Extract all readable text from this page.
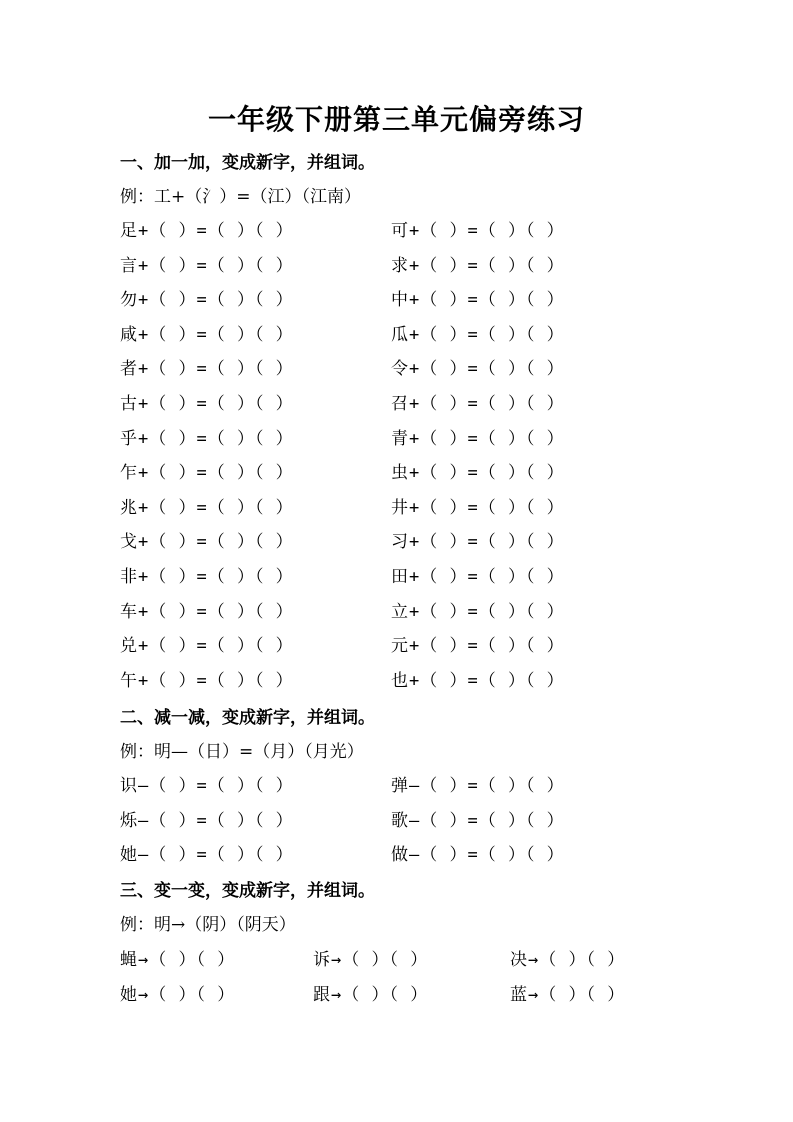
一年级下册第三单元偏旁练习
一、加一加，变成新字，并组词。
例：工+（氵）=（江）（江南）
足+（ ）=（ ）（ ）	可+（ ）=（ ）（ ）
言+（ ）=（ ）（ ）	求+（ ）=（ ）（ ）
勿+（ ）=（ ）（ ）	中+（ ）=（ ）（ ）
咸+（ ）=（ ）（ ）	瓜+（ ）=（ ）（ ）
者+（ ）=（ ）（ ）	令+（ ）=（ ）（ ）
古+（ ）=（ ）（ ）	召+（ ）=（ ）（ ）
乎+（ ）=（ ）（ ）	青+（ ）=（ ）（ ）
乍+（ ）=（ ）（ ）	虫+（ ）=（ ）（ ）
兆+（ ）=（ ）（ ）	井+（ ）=（ ）（ ）
戈+（ ）=（ ）（ ）	习+（ ）=（ ）（ ）
非+（ ）=（ ）（ ）	田+（ ）=（ ）（ ）
车+（ ）=（ ）（ ）	立+（ ）=（ ）（ ）
兑+（ ）=（ ）（ ）	元+（ ）=（ ）（ ）
午+（ ）=（ ）（ ）	也+（ ）=（ ）（ ）
二、减一减，变成新字，并组词。
例：明—（日）=（月）（月光）
识—（ ）=（ ）（ ）	弹—（ ）=（ ）（ ）
烁—（ ）=（ ）（ ）	歌—（ ）=（ ）（ ）
她—（ ）=（ ）（ ）	做—（ ）=（ ）（ ）
三、变一变，变成新字，并组词。
例：明→（阴）（阴天）
蝇→（ ）（ ）	诉→（ ）（ ）	决→（ ）（ ）
她→（ ）（ ）	跟→（ ）（ ）	蓝→（ ）（ ）
